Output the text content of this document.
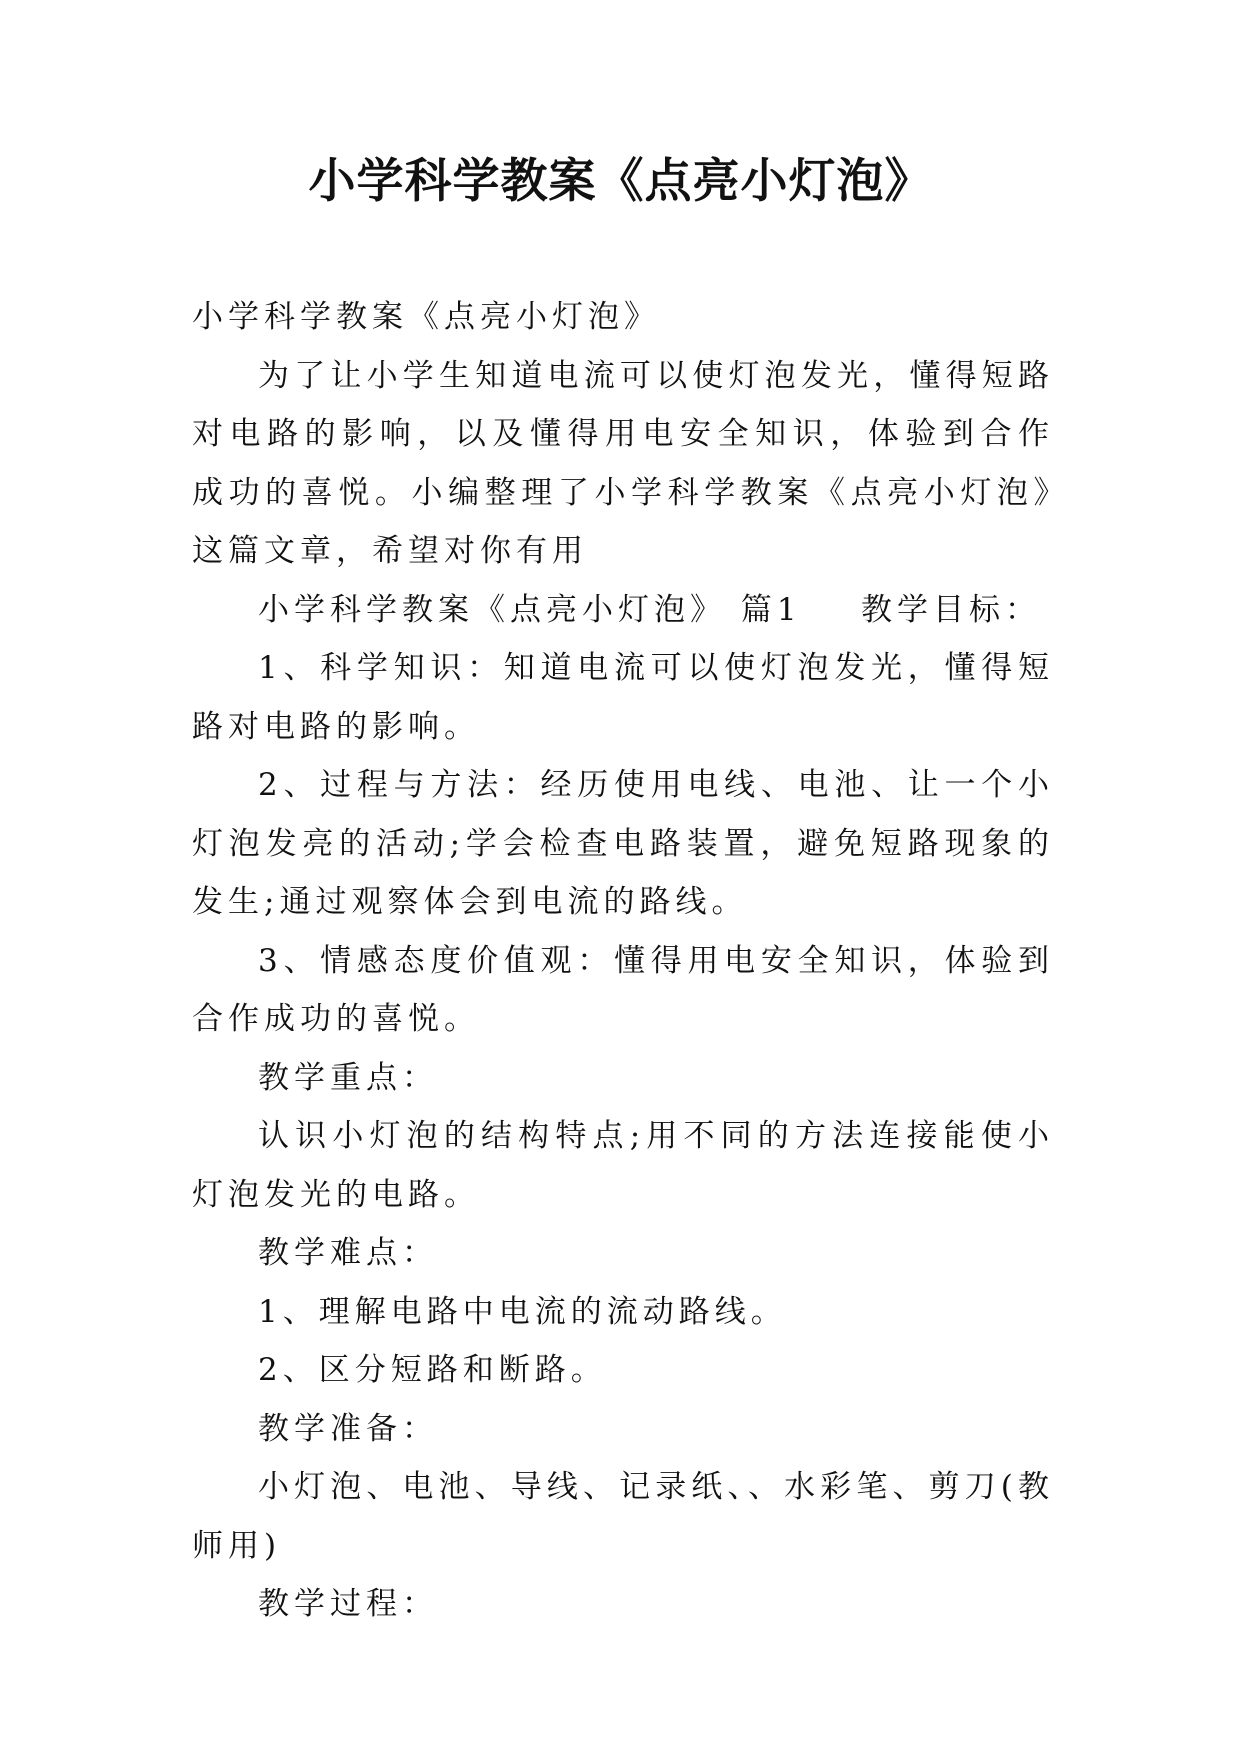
小学科学教案《点亮小灯泡》

小学科学教案《点亮小灯泡》

为了让小学生知道电流可以使灯泡发光，懂得短路对电路的影响，以及懂得用电安全知识，体验到合作成功的喜悦。小编整理了小学科学教案《点亮小灯泡》这篇文章，希望对你有用

小学科学教案《点亮小灯泡》 篇1    教学目标：

1、科学知识：知道电流可以使灯泡发光，懂得短路对电路的影响。

2、过程与方法：经历使用电线、电池、让一个小灯泡发亮的活动;学会检查电路装置，避免短路现象的发生;通过观察体会到电流的路线。

3、情感态度价值观：懂得用电安全知识，体验到合作成功的喜悦。

教学重点：

认识小灯泡的结构特点;用不同的方法连接能使小灯泡发光的电路。

教学难点：

1、理解电路中电流的流动路线。

2、区分短路和断路。

教学准备：

小灯泡、电池、导线、记录纸、、水彩笔、剪刀(教师用)

教学过程：
